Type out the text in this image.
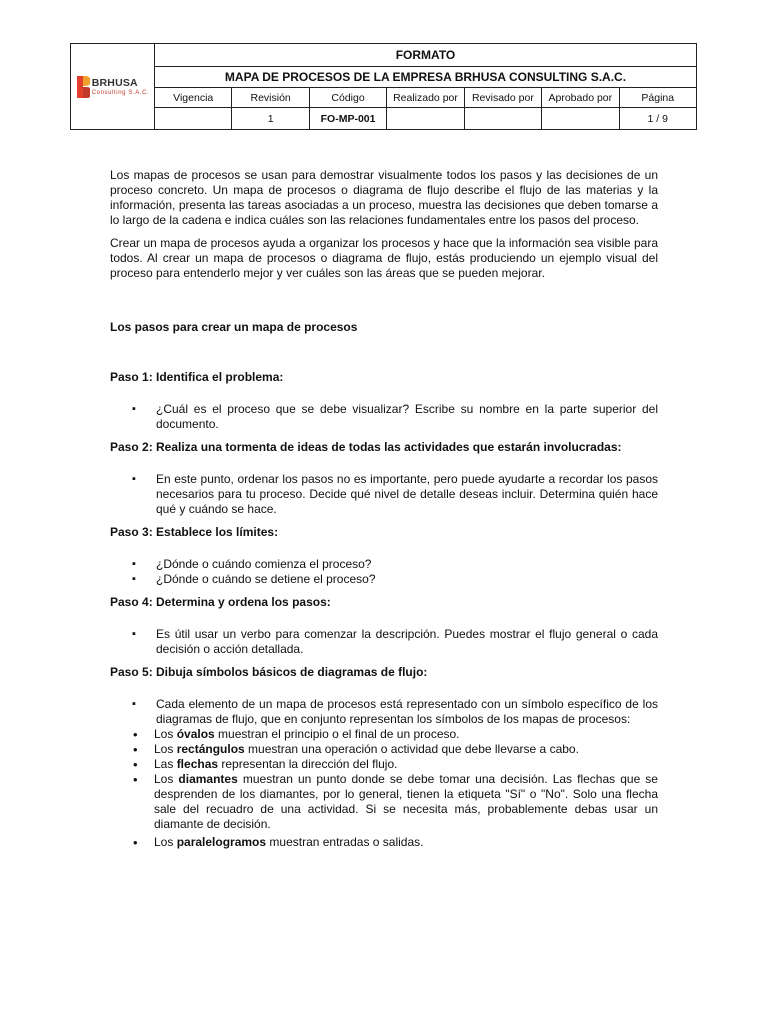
BRHUSA
Consulting S.A.C.	FORMATO						
	MAPA DE PROCESOS DE LA EMPRESA BRHUSA CONSULTING S.A.C.						
	Vigencia	Revisión	Código	Realizado por	Revisado por	Aprobado por	Página
		1	FO-MP-001				1 / 9

Los mapas de procesos se usan para demostrar visualmente todos los pasos y las decisiones de un proceso concreto. Un mapa de procesos o diagrama de flujo describe el flujo de las materias y la información, presenta las tareas asociadas a un proceso, muestra las decisiones que deben tomarse a lo largo de la cadena e indica cuáles son las relaciones fundamentales entre los pasos del proceso.

Crear un mapa de procesos ayuda a organizar los procesos y hace que la información sea visible para todos. Al crear un mapa de procesos o diagrama de flujo, estás produciendo un ejemplo visual del proceso para entenderlo mejor y ver cuáles son las áreas que se pueden mejorar.

Los pasos para crear un mapa de procesos

Paso 1: Identifica el problema:

▪ ¿Cuál es el proceso que se debe visualizar? Escribe su nombre en la parte superior del documento.

Paso 2: Realiza una tormenta de ideas de todas las actividades que estarán involucradas:

▪ En este punto, ordenar los pasos no es importante, pero puede ayudarte a recordar los pasos necesarios para tu proceso. Decide qué nivel de detalle deseas incluir. Determina quién hace qué y cuándo se hace.

Paso 3: Establece los límites:

▪ ¿Dónde o cuándo comienza el proceso?
▪ ¿Dónde o cuándo se detiene el proceso?

Paso 4: Determina y ordena los pasos:

▪ Es útil usar un verbo para comenzar la descripción. Puedes mostrar el flujo general o cada decisión o acción detallada.

Paso 5: Dibuja símbolos básicos de diagramas de flujo:

▪ Cada elemento de un mapa de procesos está representado con un símbolo específico de los diagramas de flujo, que en conjunto representan los símbolos de los mapas de procesos:
• Los óvalos muestran el principio o el final de un proceso.
• Los rectángulos muestran una operación o actividad que debe llevarse a cabo.
• Las flechas representan la dirección del flujo.
• Los diamantes muestran un punto donde se debe tomar una decisión. Las flechas que se desprenden de los diamantes, por lo general, tienen la etiqueta "Sí" o "No". Solo una flecha sale del recuadro de una actividad. Si se necesita más, probablemente debas usar un diamante de decisión.
• Los paralelogramos muestran entradas o salidas.
